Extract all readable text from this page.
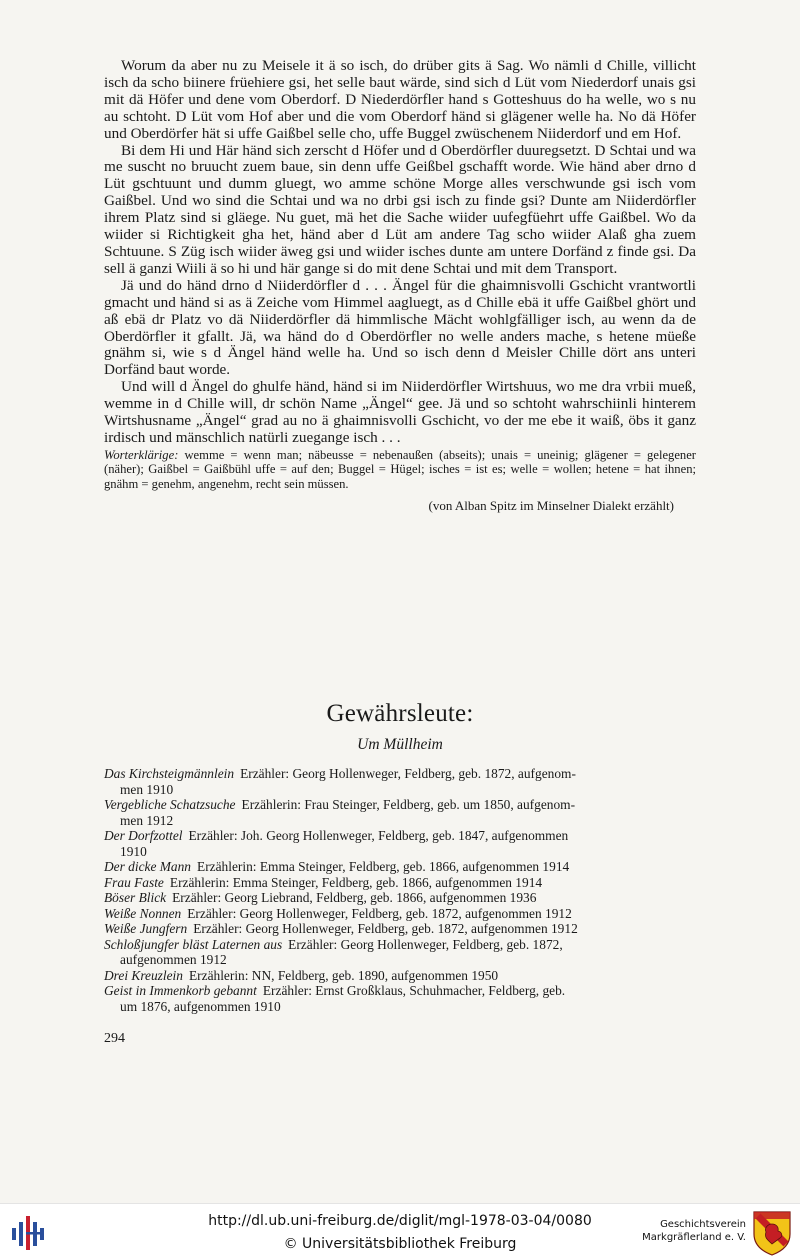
Worum da aber nu zu Meisele it ä so isch, do drüber gits ä Sag. Wo nämli d Chille, villicht isch da scho biinere früehiere gsi, het selle baut wärde, sind sich d Lüt vom Niederdorf unais gsi mit dä Höfer und dene vom Oberdorf. D Niederdörfler hand s Gotteshuus do ha welle, wo s nu au schtoht. D Lüt vom Hof aber und die vom Oberdorf händ si glägener welle ha. No dä Höfer und Oberdörfer hät si uffe Gaißbel selle cho, uffe Buggel zwüschenem Niiderdorf und em Hof.

Bi dem Hi und Här händ sich zerscht d Höfer und d Oberdörfler duuregsetzt. D Schtai und wa me suscht no bruucht zuem baue, sin denn uffe Geißbel gschafft worde. Wie händ aber drno d Lüt gschtuunt und dumm gluegt, wo amme schöne Morge alles verschwunde gsi isch vom Gaißbel. Und wo sind die Schtai und wa no drbi gsi isch zu finde gsi? Dunte am Niiderdörfler ihrem Platz sind si gläege. Nu guet, mä het die Sache wiider uufegfüehrt uffe Gaißbel. Wo da wiider si Richtigkeit gha het, händ aber d Lüt am andere Tag scho wiider Alaß gha zuem Schtuune. S Züg isch wiider äweg gsi und wiider isches dunte am untere Dorfänd z finde gsi. Da sell ä ganzi Wiili ä so hi und här gange si do mit dene Schtai und mit dem Transport.

Jä und do händ drno d Niiderdörfler d . . . Ängel für die ghaimnisvolli Gschicht vrantwortli gmacht und händ si as ä Zeiche vom Himmel aagluegt, as d Chille ebä it uffe Gaißbel ghört und aß ebä dr Platz vo dä Niiderdörfler dä himmlische Mächt wohlgfälliger isch, au wenn da de Oberdörfler it gfallt. Jä, wa händ do d Oberdörfler no welle anders mache, s hetene müeße gnähm si, wie s d Ängel händ welle ha. Und so isch denn d Meisler Chille dört ans unteri Dorfänd baut worde.

Und will d Ängel do ghulfe händ, händ si im Niiderdörfler Wirtshuus, wo me dra vrbii mueß, wemme in d Chille will, dr schön Name „Ängel“ gee. Jä und so schtoht wahrschiinli hinterem Wirtshusname „Ängel“ grad au no ä ghaimnisvolli Gschicht, vo der me ebe it waiß, öbs it ganz irdisch und mänschlich natürli zuegange isch . . .

Worterklärige: wemme = wenn man; näbeusse = nebenaußen (abseits); unais = uneinig; glägener = gelegener (näher); Gaißbel = Gaißbühl uffe = auf den; Buggel = Hügel; isches = ist es; welle = wollen; hetene = hat ihnen; gnähm = genehm, angenehm, recht sein müssen.
(von Alban Spitz im Minselner Dialekt erzählt)
Gewährsleute:
Um Müllheim
Das Kirchsteigmännlein Erzähler: Georg Hollenweger, Feldberg, geb. 1872, aufgenom-
men 1910
Vergebliche Schatzsuche Erzählerin: Frau Steinger, Feldberg, geb. um 1850, aufgenom-
men 1912
Der Dorfzottel Erzähler: Joh. Georg Hollenweger, Feldberg, geb. 1847, aufgenommen
1910
Der dicke Mann Erzählerin: Emma Steinger, Feldberg, geb. 1866, aufgenommen 1914
Frau Faste Erzählerin: Emma Steinger, Feldberg, geb. 1866, aufgenommen 1914
Böser Blick Erzähler: Georg Liebrand, Feldberg, geb. 1866, aufgenommen 1936
Weiße Nonnen Erzähler: Georg Hollenweger, Feldberg, geb. 1872, aufgenommen 1912
Weiße Jungfern Erzähler: Georg Hollenweger, Feldberg, geb. 1872, aufgenommen 1912
Schloßjungfer bläst Laternen aus Erzähler: Georg Hollenweger, Feldberg, geb. 1872,
aufgenommen 1912
Drei Kreuzlein Erzählerin: NN, Feldberg, geb. 1890, aufgenommen 1950
Geist in Immenkorb gebannt Erzähler: Ernst Großklaus, Schuhmacher, Feldberg, geb.
um 1876, aufgenommen 1910
294
http://dl.ub.uni-freiburg.de/diglit/mgl-1978-03-04/0080
© Universitätsbibliothek Freiburg
Geschichtsverein
Markgräflerland e. V.
